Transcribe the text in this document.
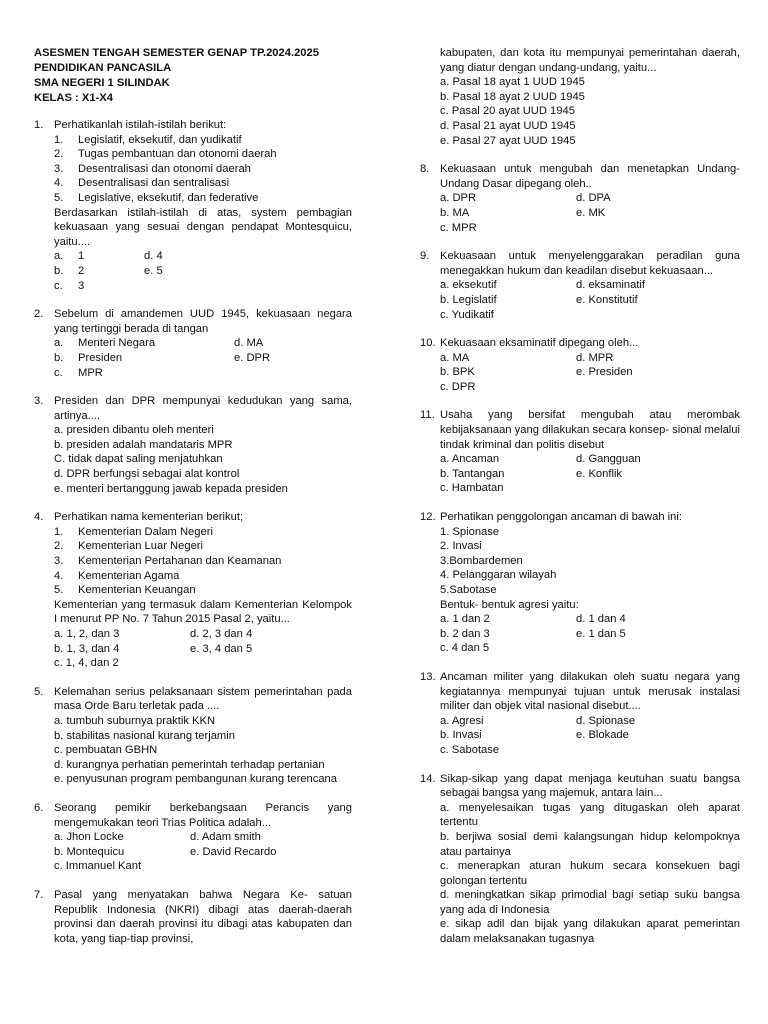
ASESMEN TENGAH SEMESTER GENAP TP.2024.2025
PENDIDIKAN PANCASILA
SMA NEGERI 1 SILINDAK
KELAS : X1-X4
1. Perhatikanlah istilah-istilah berikut:
1.	Legislatif, eksekutif, dan yudikatif
2.	Tugas pembantuan dan otonomi daerah
3.	Desentralisasi dan otonomi daerah
4.	Desentralisasi dan sentralisasi
5.	Legislative, eksekutif, dan federative
Berdasarkan istilah-istilah di atas, system pembagian kekuasaan yang sesuai dengan pendapat Montesquicu, yaitu....
a. 1	d. 4
b. 2	e. 5
c. 3
2. Sebelum di amandemen UUD 1945, kekuasaan negara yang tertinggi berada di tangan
a. Menteri Negara	d. MA
b. Presiden	e. DPR
c. MPR
3. Presiden dan DPR mempunyai kedudukan yang sama, artinya....
a. presiden dibantu oleh menteri
b. presiden adalah mandataris MPR
C. tidak dapat saling menjatuhkan
d. DPR berfungsi sebagai alat kontrol
e. menteri bertanggung jawab kepada presiden
4. Perhatikan nama kementerian berikut;
1.	Kementerian Dalam Negeri
2.	Kementerian Luar Negeri
3.	Kementerian Pertahanan dan Keamanan
4.	Kementerian Agama
5.	Kementerian Keuangan
Kementerian yang termasuk dalam Kementerian Kelompok I menurut PP No. 7 Tahun 2015 Pasal 2, yaitu...
a. 1, 2, dan 3	d. 2, 3 dan 4
b. 1, 3, dan 4	e. 3, 4 dan 5
c. 1, 4, dan 2
5. Kelemahan serius pelaksanaan sistem pemerintahan pada masa Orde Baru terletak pada ....
a. tumbuh suburnya praktik KKN
b. stabilitas nasional kurang terjamin
c. pembuatan GBHN
d. kurangnya perhatian pemerintah terhadap pertanian
e. penyusunan program pembangunan kurang terencana
6. Seorang pemikir berkebangsaan Perancis yang mengemukakan teori Trias Politica adalah...
a. Jhon Locke	d. Adam smith
b. Montequicu	e. David Recardo
c. Immanuel Kant
7. Pasal yang menyatakan bahwa Negara Ke- satuan Republik Indonesia (NKRI) dibagi atas daerah-daerah provinsi dan daerah provinsi itu dibagi atas kabupaten dan kota, yang tiap-tiap provinsi,
kabupaten, dan kota itu mempunyai pemerintahan daerah, yang diatur dengan undang-undang, yaitu...
a. Pasal 18 ayat 1 UUD 1945
b. Pasal 18 ayat 2 UUD 1945
c. Pasal 20 ayat UUD 1945
d. Pasal 21 ayat UUD 1945
e. Pasal 27 ayat UUD 1945
8. Kekuasaan untuk mengubah dan menetapkan Undang-Undang Dasar dipegang oleh..
a. DPR	d. DPA
b. MA	e. MK
c. MPR
9. Kekuasaan untuk menyelenggarakan peradilan guna menegakkan hukum dan keadilan disebut kekuasaan...
a. eksekutif	d. eksaminatif
b. Legislatif	e. Konstitutif
c. Yudikatif
10. Kekuasaan eksaminatif dipegang oleh...
a. MA	d. MPR
b. BPK	e. Presiden
c. DPR
11. Usaha yang bersifat mengubah atau merombak kebijaksanaan yang dilakukan secara konsep- sional melalui tindak kriminal dan politis disebut
a. Ancaman	d. Gangguan
b. Tantangan	e. Konflik
c. Hambatan
12. Perhatikan penggolongan ancaman di bawah ini:
1. Spionase
2. Invasi
3.Bombardemen
4. Pelanggaran wilayah
5.Sabotase
Bentuk- bentuk agresi yaitu:
a. 1 dan 2	d. 1 dan 4
b. 2 dan 3	e. 1 dan 5
c. 4 dan 5
13. Ancaman militer yang dilakukan oleh suatu negara yang kegiatannya mempunyai tujuan untuk merusak instalasi militer dan objek vital nasional disebut....
a. Agresi	d. Spionase
b. Invasi	e. Blokade
c. Sabotase
14. Sikap-sikap yang dapat menjaga keutuhan suatu bangsa sebagai bangsa yang majemuk, antara lain...
a. menyelesaikan tugas yang ditugaskan oleh aparat tertentu
b. berjiwa sosial demi kalangsungan hidup kelompoknya atau partainya
c. menerapkan aturan hukum secara konsekuen bagi golongan tertentu
d. meningkatkan sikap primodial bagi setiap suku bangsa yang ada di Indonesia
e. sikap adil dan bijak yang dilakukan aparat pemerintan dalam melaksanakan tugasnya
